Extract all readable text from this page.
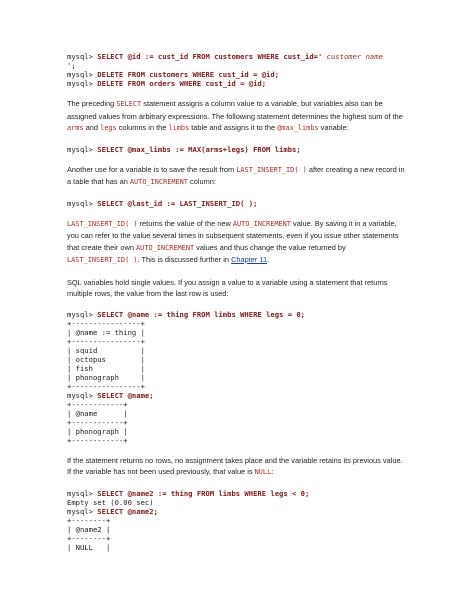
mysql> SELECT @id := cust_id FROM customers WHERE cust_id=' customer name
';
mysql> DELETE FROM customers WHERE cust_id = @id;
mysql> DELETE FROM orders WHERE cust_id = @id;

The preceding SELECT statement assigns a column value to a variable, but variables also can be assigned values from arbitrary expressions. The following statement determines the highest sum of the arms and legs columns in the limbs table and assigns it to the @max_limbs variable:

mysql> SELECT @max_limbs := MAX(arms+legs) FROM limbs;

Another use for a variable is to save the result from LAST_INSERT_ID( ) after creating a new record in a table that has an AUTO_INCREMENT column:

mysql> SELECT @last_id := LAST_INSERT_ID( );

LAST_INSERT_ID( ) returns the value of the new AUTO_INCREMENT value. By saving it in a variable, you can refer to the value several times in subsequent statements, even if you issue other statements that create their own AUTO_INCREMENT values and thus change the value returned by LAST_INSERT_ID( ). This is discussed further in Chapter 11.

SQL variables hold single values. If you assign a value to a variable using a statement that returns multiple rows, the value from the last row is used:

mysql> SELECT @name := thing FROM limbs WHERE legs = 0;
+----------------+
| @name := thing |
+----------------+
| squid          |
| octopus        |
| fish           |
| phonograph     |
+----------------+
mysql> SELECT @name;
+------------+
| @name      |
+------------+
| phonograph |
+------------+

If the statement returns no rows, no assignment takes place and the variable retains its previous value. If the variable has not been used previously, that value is NULL:

mysql> SELECT @name2 := thing FROM limbs WHERE legs < 0;
Empty set (0.00 sec)
mysql> SELECT @name2;
+--------+
| @name2 |
+--------+
| NULL   |
